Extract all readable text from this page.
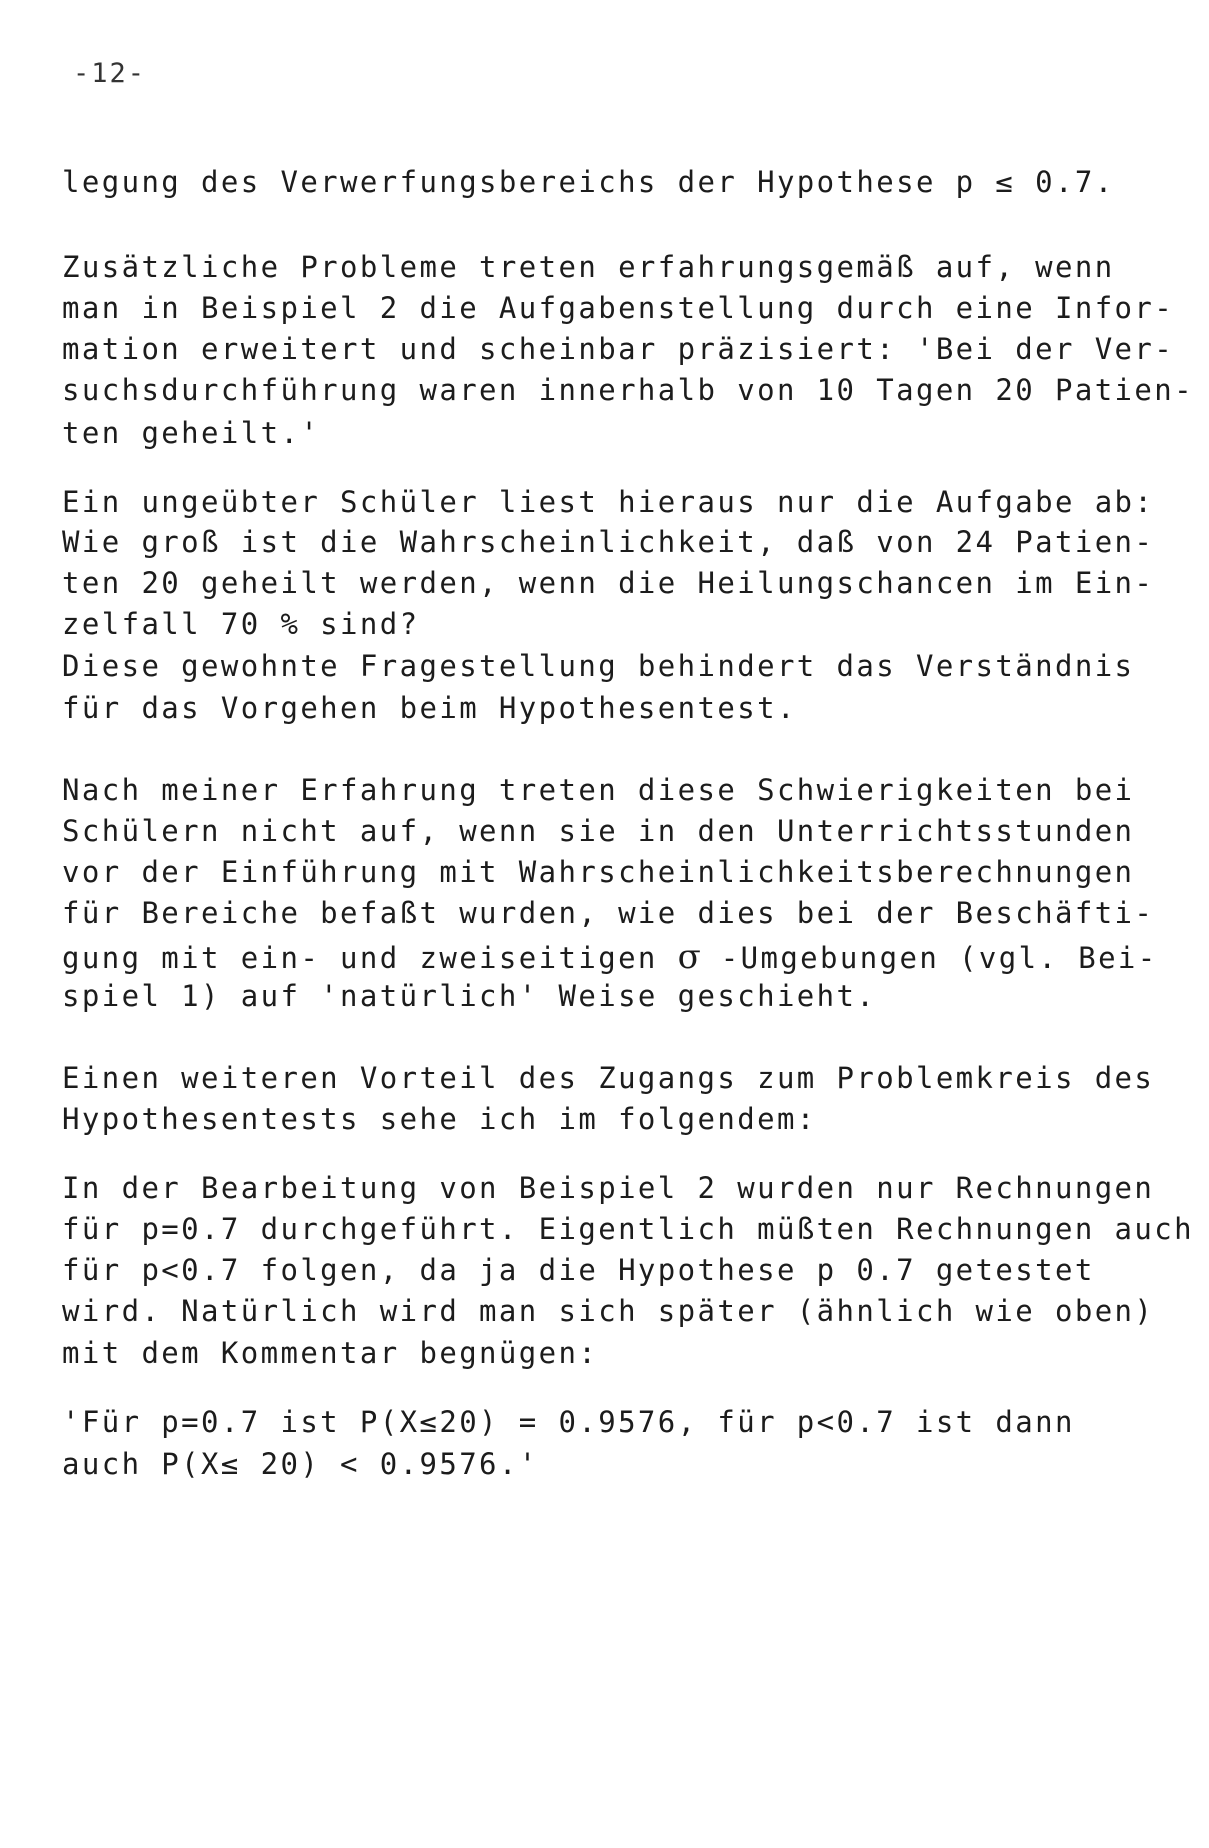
-12-
legung des Verwerfungsbereichs der Hypothese p ≤ 0.7.
Zusätzliche Probleme treten erfahrungsgemäß auf, wenn
man in Beispiel 2 die Aufgabenstellung durch eine Infor-
mation erweitert und scheinbar präzisiert: 'Bei der Ver-
suchsdurchführung waren innerhalb von 10 Tagen 20 Patien-
ten geheilt.'
Ein ungeübter Schüler liest hieraus nur die Aufgabe ab:
Wie groß ist die Wahrscheinlichkeit, daß von 24 Patien-
ten 20 geheilt werden, wenn die Heilungschancen im Ein-
zelfall 70 % sind?
Diese gewohnte Fragestellung behindert das Verständnis
für das Vorgehen beim Hypothesentest.
Nach meiner Erfahrung treten diese Schwierigkeiten bei
Schülern nicht auf, wenn sie in den Unterrichtsstunden
vor der Einführung mit Wahrscheinlichkeitsberechnungen
für Bereiche befaßt wurden, wie dies bei der Beschäfti-
gung mit ein- und zweiseitigen σ -Umgebungen (vgl. Bei-
spiel 1) auf 'natürlich' Weise geschieht.
Einen weiteren Vorteil des Zugangs zum Problemkreis des
Hypothesentests sehe ich im folgendem:
In der Bearbeitung von Beispiel 2 wurden nur Rechnungen
für p=0.7 durchgeführt. Eigentlich müßten Rechnungen auch
für p<0.7 folgen, da ja die Hypothese p 0.7 getestet
wird. Natürlich wird man sich später (ähnlich wie oben)
mit dem Kommentar begnügen:
'Für p=0.7 ist P(X≤20) = 0.9576, für p<0.7 ist dann
auch P(X≤ 20) < 0.9576.'
